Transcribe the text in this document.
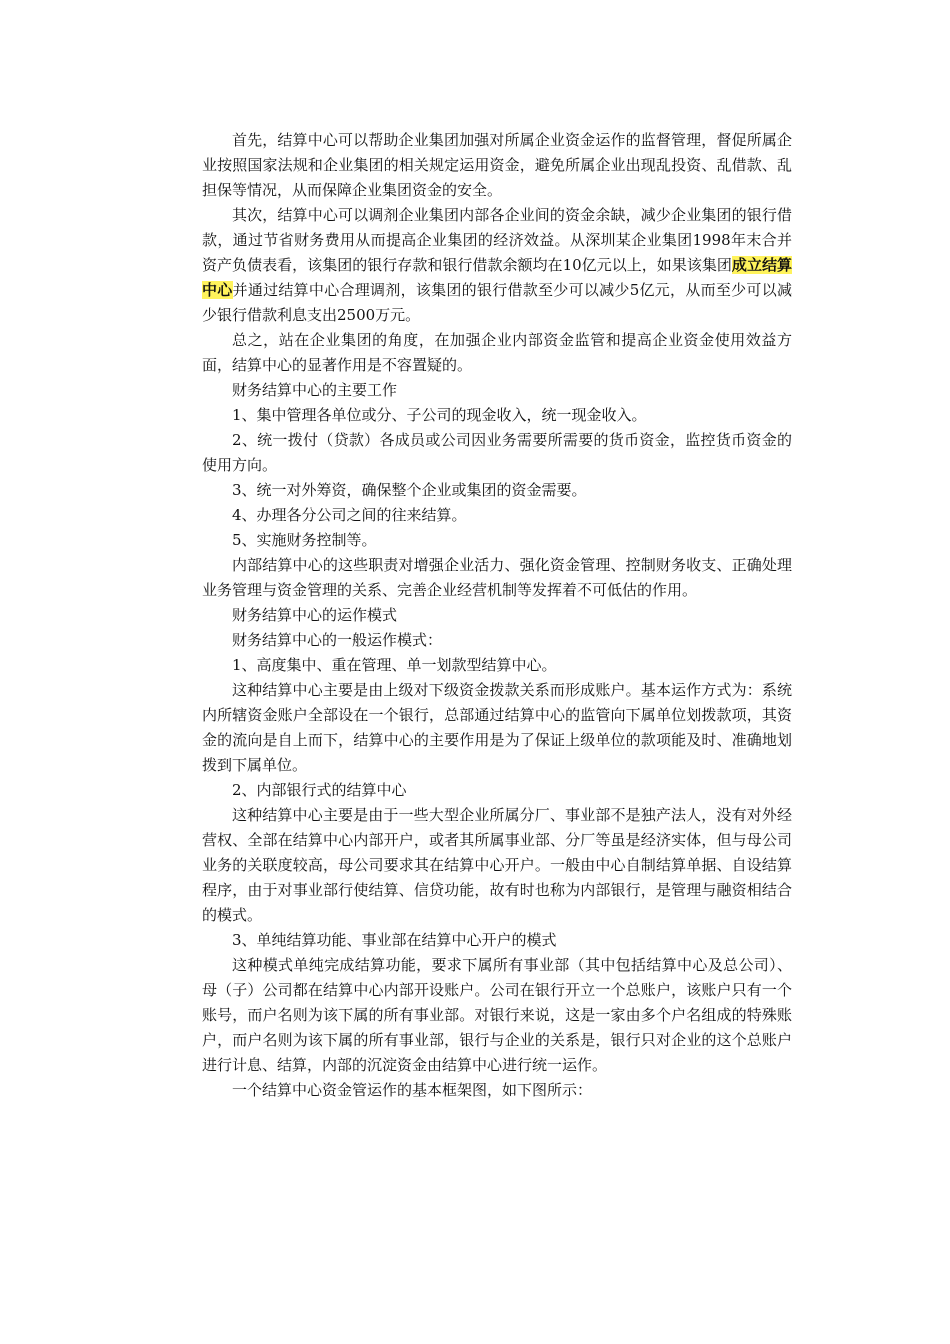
首先，结算中心可以帮助企业集团加强对所属企业资金运作的监督管理，督促所属企业按照国家法规和企业集团的相关规定运用资金，避免所属企业出现乱投资、乱借款、乱担保等情况，从而保障企业集团资金的安全。

其次，结算中心可以调剂企业集团内部各企业间的资金余缺，减少企业集团的银行借款，通过节省财务费用从而提高企业集团的经济效益。从深圳某企业集团1998年末合并资产负债表看，该集团的银行存款和银行借款余额均在10亿元以上，如果该集团成立结算中心并通过结算中心合理调剂，该集团的银行借款至少可以减少5亿元，从而至少可以减少银行借款利息支出2500万元。

总之，站在企业集团的角度，在加强企业内部资金监管和提高企业资金使用效益方面，结算中心的显著作用是不容置疑的。

财务结算中心的主要工作

1、集中管理各单位或分、子公司的现金收入，统一现金收入。

2、统一拨付（贷款）各成员或公司因业务需要所需要的货币资金，监控货币资金的使用方向。

3、统一对外筹资，确保整个企业或集团的资金需要。

4、办理各分公司之间的往来结算。

5、实施财务控制等。

内部结算中心的这些职责对增强企业活力、强化资金管理、控制财务收支、正确处理业务管理与资金管理的关系、完善企业经营机制等发挥着不可低估的作用。

财务结算中心的运作模式

财务结算中心的一般运作模式：

1、高度集中、重在管理、单一划款型结算中心。

这种结算中心主要是由上级对下级资金拨款关系而形成账户。基本运作方式为：系统内所辖资金账户全部设在一个银行，总部通过结算中心的监管向下属单位划拨款项，其资金的流向是自上而下，结算中心的主要作用是为了保证上级单位的款项能及时、准确地划拨到下属单位。

2、内部银行式的结算中心

这种结算中心主要是由于一些大型企业所属分厂、事业部不是独产法人，没有对外经营权、全部在结算中心内部开户，或者其所属事业部、分厂等虽是经济实体，但与母公司业务的关联度较高，母公司要求其在结算中心开户。一般由中心自制结算单据、自设结算程序，由于对事业部行使结算、信贷功能，故有时也称为内部银行，是管理与融资相结合的模式。

3、单纯结算功能、事业部在结算中心开户的模式

这种模式单纯完成结算功能，要求下属所有事业部（其中包括结算中心及总公司）、母（子）公司都在结算中心内部开设账户。公司在银行开立一个总账户，该账户只有一个账号，而户名则为该下属的所有事业部。对银行来说，这是一家由多个户名组成的特殊账户，而户名则为该下属的所有事业部，银行与企业的关系是，银行只对企业的这个总账户进行计息、结算，内部的沉淀资金由结算中心进行统一运作。

一个结算中心资金管运作的基本框架图，如下图所示：
